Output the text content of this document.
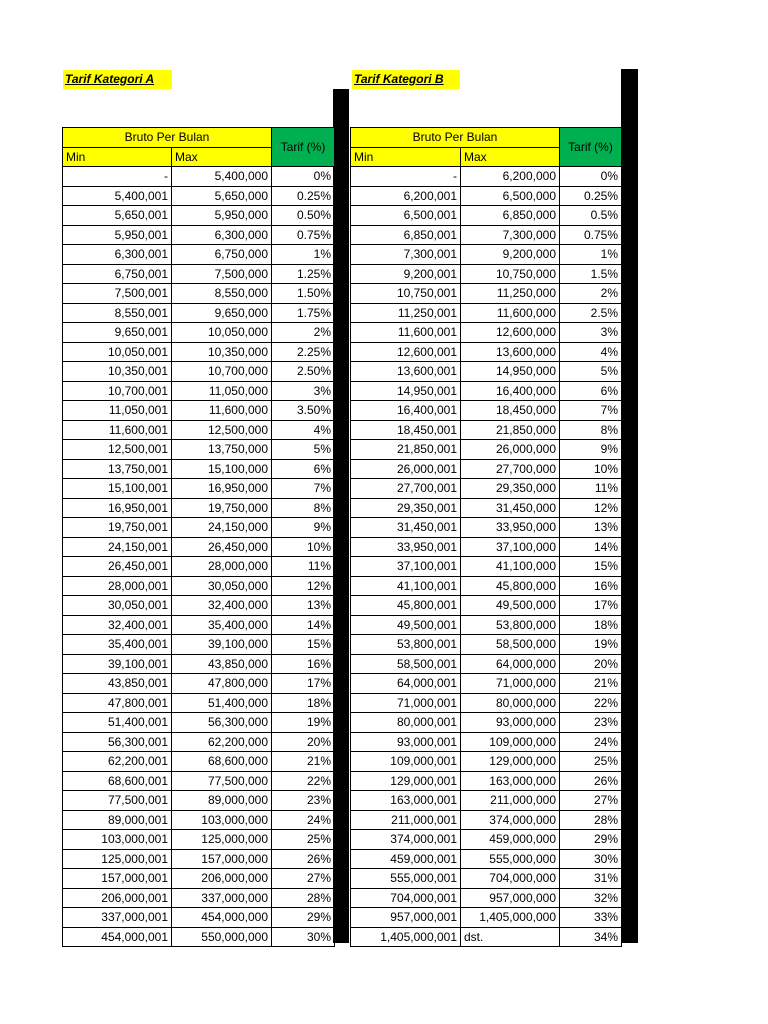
Tarif Kategori A	Tarif Kategori B
Bruto Per Bulan		Tarif (%)
Min	Max	
-	5,400,000	0%
5,400,001	5,650,000	0.25%
5,650,001	5,950,000	0.50%
5,950,001	6,300,000	0.75%
6,300,001	6,750,000	1%
6,750,001	7,500,000	1.25%
7,500,001	8,550,000	1.50%
8,550,001	9,650,000	1.75%
9,650,001	10,050,000	2%
10,050,001	10,350,000	2.25%
10,350,001	10,700,000	2.50%
10,700,001	11,050,000	3%
11,050,001	11,600,000	3.50%
11,600,001	12,500,000	4%
12,500,001	13,750,000	5%
13,750,001	15,100,000	6%
15,100,001	16,950,000	7%
16,950,001	19,750,000	8%
19,750,001	24,150,000	9%
24,150,001	26,450,000	10%
26,450,001	28,000,000	11%
28,000,001	30,050,000	12%
30,050,001	32,400,000	13%
32,400,001	35,400,000	14%
35,400,001	39,100,000	15%
39,100,001	43,850,000	16%
43,850,001	47,800,000	17%
47,800,001	51,400,000	18%
51,400,001	56,300,000	19%
56,300,001	62,200,000	20%
62,200,001	68,600,000	21%
68,600,001	77,500,000	22%
77,500,001	89,000,000	23%
89,000,001	103,000,000	24%
103,000,001	125,000,000	25%
125,000,001	157,000,000	26%
157,000,001	206,000,000	27%
206,000,001	337,000,000	28%
337,000,001	454,000,000	29%
454,000,001	550,000,000	30%
Bruto Per Bulan		Tarif (%)
Min	Max	
-	6,200,000	0%
6,200,001	6,500,000	0.25%
6,500,001	6,850,000	0.5%
6,850,001	7,300,000	0.75%
7,300,001	9,200,000	1%
9,200,001	10,750,000	1.5%
10,750,001	11,250,000	2%
11,250,001	11,600,000	2.5%
11,600,001	12,600,000	3%
12,600,001	13,600,000	4%
13,600,001	14,950,000	5%
14,950,001	16,400,000	6%
16,400,001	18,450,000	7%
18,450,001	21,850,000	8%
21,850,001	26,000,000	9%
26,000,001	27,700,000	10%
27,700,001	29,350,000	11%
29,350,001	31,450,000	12%
31,450,001	33,950,000	13%
33,950,001	37,100,000	14%
37,100,001	41,100,000	15%
41,100,001	45,800,000	16%
45,800,001	49,500,000	17%
49,500,001	53,800,000	18%
53,800,001	58,500,000	19%
58,500,001	64,000,000	20%
64,000,001	71,000,000	21%
71,000,001	80,000,000	22%
80,000,001	93,000,000	23%
93,000,001	109,000,000	24%
109,000,001	129,000,000	25%
129,000,001	163,000,000	26%
163,000,001	211,000,000	27%
211,000,001	374,000,000	28%
374,000,001	459,000,000	29%
459,000,001	555,000,000	30%
555,000,001	704,000,000	31%
704,000,001	957,000,000	32%
957,000,001	1,405,000,000	33%
1,405,000,001	dst.	34%
